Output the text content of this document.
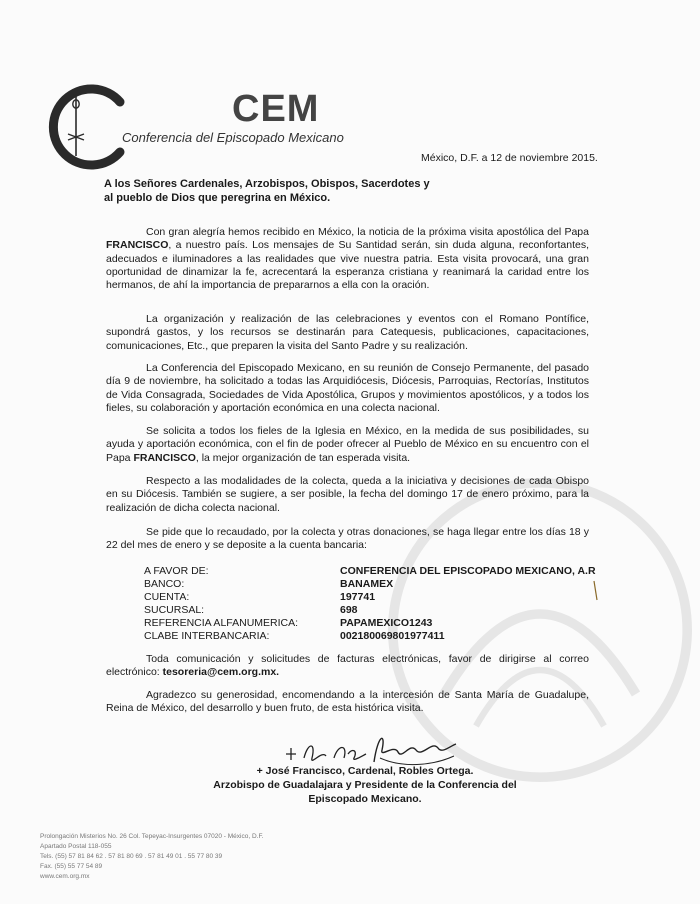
CEM
Conferencia del Episcopado Mexicano
México, D.F. a 12 de noviembre 2015.
A los Señores Cardenales, Arzobispos, Obispos, Sacerdotes y
al pueblo de Dios que peregrina en México.

Con gran alegría hemos recibido en México, la noticia de la próxima visita apostólica del Papa FRANCISCO, a nuestro país. Los mensajes de Su Santidad serán, sin duda alguna, reconfortantes, adecuados e iluminadores a las realidades que vive nuestra patria. Esta visita provocará, una gran oportunidad de dinamizar la fe, acrecentará la esperanza cristiana y reanimará la caridad entre los hermanos, de ahí la importancia de prepararnos a ella con la oración.

La organización y realización de las celebraciones y eventos con el Romano Pontífice, supondrá gastos, y los recursos se destinarán para Catequesis, publicaciones, capacitaciones, comunicaciones, Etc., que preparen la visita del Santo Padre y su realización.

La Conferencia del Episcopado Mexicano, en su reunión de Consejo Permanente, del pasado día 9 de noviembre, ha solicitado a todas las Arquidiócesis, Diócesis, Parroquias, Rectorías, Institutos de Vida Consagrada, Sociedades de Vida Apostólica, Grupos y movimientos apostólicos, y a todos los fieles, su colaboración y aportación económica en una colecta nacional.

Se solicita a todos los fieles de la Iglesia en México, en la medida de sus posibilidades, su ayuda y aportación económica, con el fin de poder ofrecer al Pueblo de México en su encuentro con el Papa FRANCISCO, la mejor organización de tan esperada visita.

Respecto a las modalidades de la colecta, queda a la iniciativa y decisiones de cada Obispo en su Diócesis. También se sugiere, a ser posible, la fecha del domingo 17 de enero próximo, para la realización de dicha colecta nacional.

Se pide que lo recaudado, por la colecta y otras donaciones, se haga llegar entre los días 18 y 22 del mes de enero y se deposite a la cuenta bancaria:

A FAVOR DE:	CONFERENCIA DEL EPISCOPADO MEXICANO, A.R
BANCO:	BANAMEX
CUENTA:	197741
SUCURSAL:	698
REFERENCIA ALFANUMERICA:	PAPAMEXICO1243
CLABE INTERBANCARIA:	002180069801977411

Toda comunicación y solicitudes de facturas electrónicas, favor de dirigirse al correo electrónico: tesoreria@cem.org.mx.

Agradezco su generosidad, encomendando a la intercesión de Santa María de Guadalupe, Reina de México, del desarrollo y buen fruto, de esta histórica visita.

+ José Francisco, Cardenal, Robles Ortega.
Arzobispo de Guadalajara y Presidente de la Conferencia del
Episcopado Mexicano.
Prolongación Misterios No. 26 Col. Tepeyac-Insurgentes 07020 - México, D.F.
Apartado Postal 118-055
Tels. (55) 57 81 84 62 . 57 81 80 69 . 57 81 49 01 . 55 77 80 39
Fax. (55) 55 77 54 89
www.cem.org.mx
